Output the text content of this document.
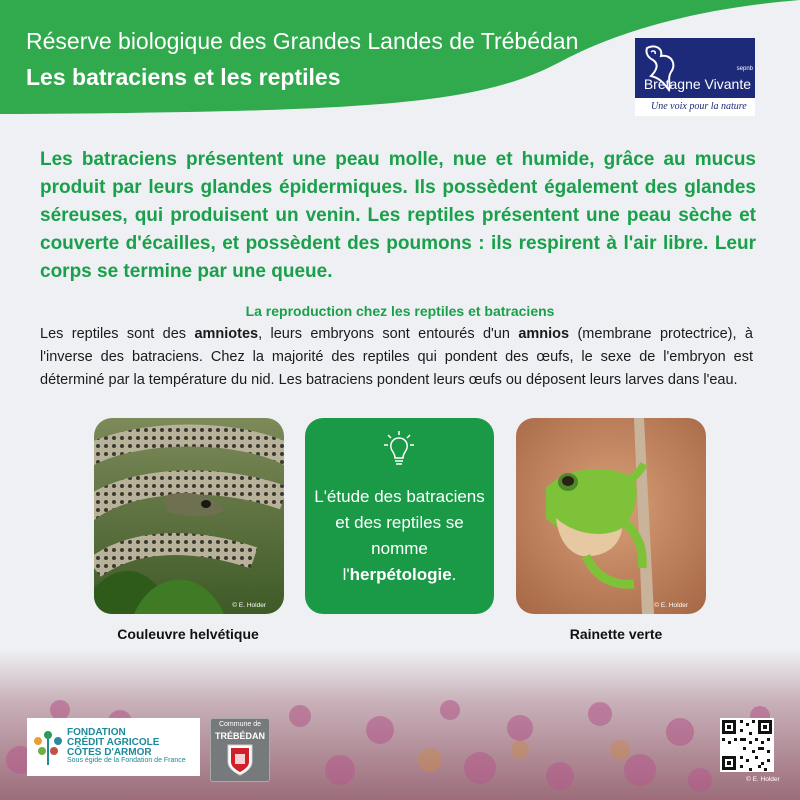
Réserve biologique des Grandes Landes de Trébédan
Les batraciens et les reptiles	sepnb
Bretagne Vivante
Une voix pour la nature
Les batraciens présentent une peau molle, nue et humide, grâce au mucus produit par leurs glandes épidermiques. Ils possèdent également des glandes séreuses, qui produisent un venin. Les reptiles présentent une peau sèche et couverte d'écailles, et possèdent des poumons : ils respirent à l'air libre. Leur corps se termine par une queue.
La reproduction chez les reptiles et batraciens
Les reptiles sont des amniotes, leurs embryons sont entourés d'un amnios (membrane protectrice), à l'inverse des batraciens. Chez la majorité des reptiles qui pondent des œufs, le sexe de l'embryon est déterminé par la température du nid. Les batraciens pondent leurs œufs ou déposent leurs larves dans l'eau.
© E. Holder
L'étude des batraciens et des reptiles se nomme l'herpétologie.
© E. Holder
Couleuvre helvétique	Rainette verte
FONDATION
CRÉDIT AGRICOLE
CÔTES D'ARMOR
Sous égide de la Fondation de France
Commune de
TRÉBÉDAN
© E. Holder
